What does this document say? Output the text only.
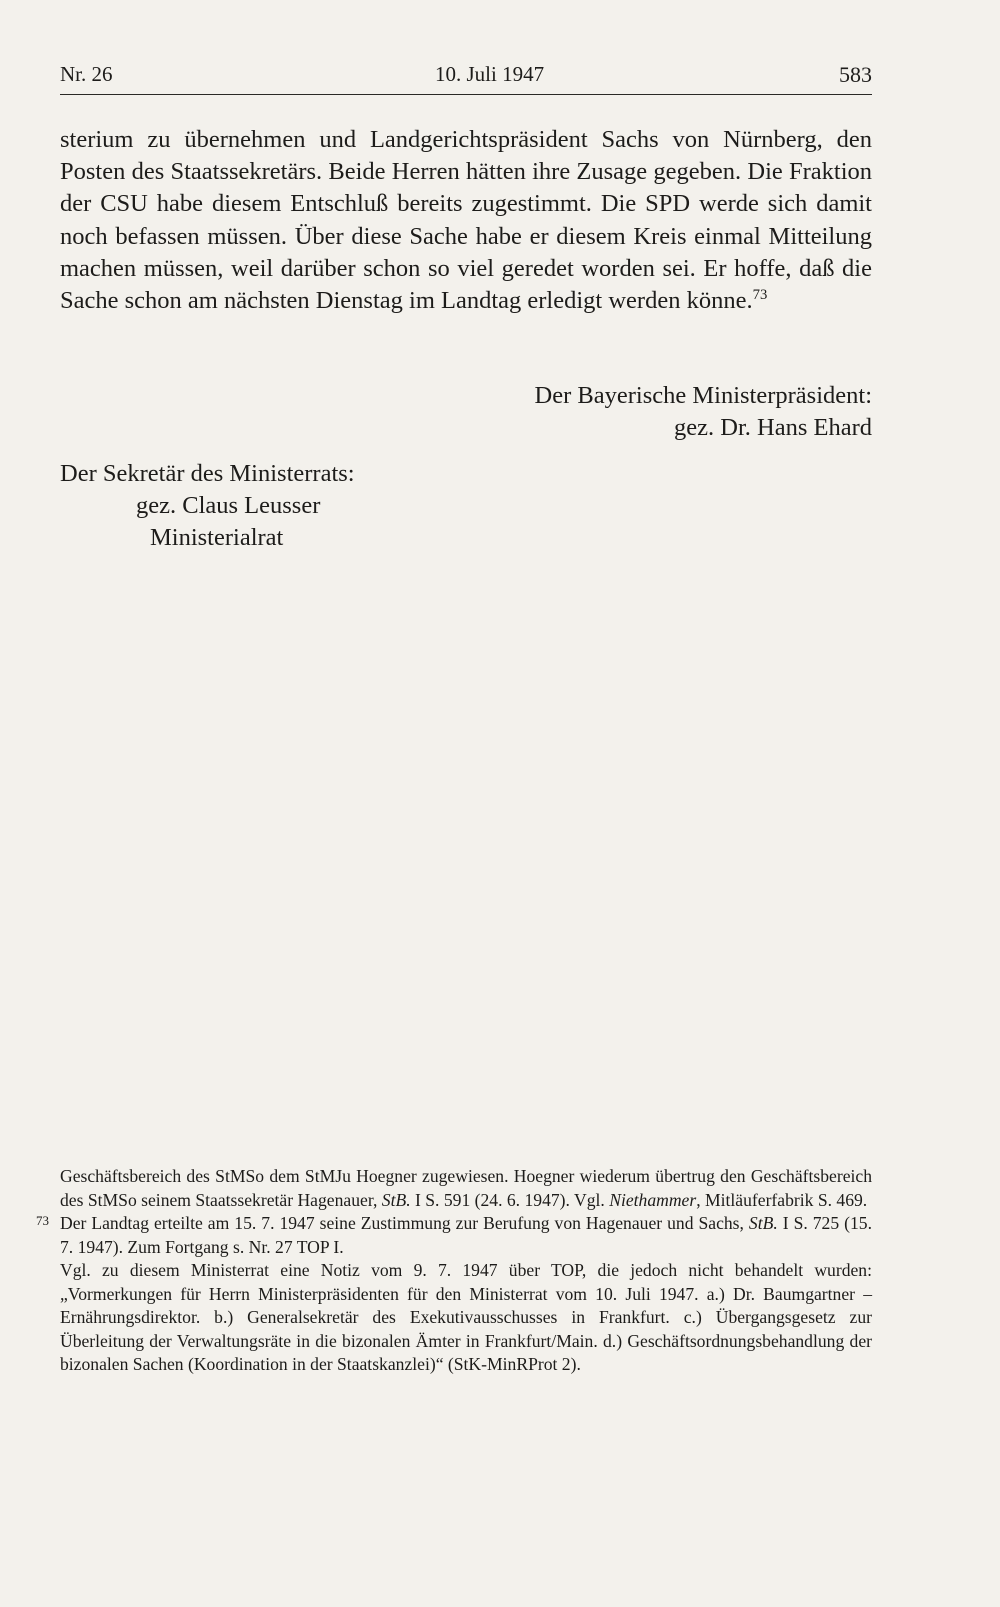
Nr. 26	10. Juli 1947	583

sterium zu übernehmen und Landgerichtspräsident Sachs von Nürnberg, den Posten des Staatssekretärs. Beide Herren hätten ihre Zusage gegeben. Die Fraktion der CSU habe diesem Entschluß bereits zugestimmt. Die SPD werde sich damit noch befassen müssen. Über diese Sache habe er diesem Kreis einmal Mitteilung machen müssen, weil darüber schon so viel geredet worden sei. Er hoffe, daß die Sache schon am nächsten Dienstag im Landtag erledigt werden könne.$^{73}$

Der Bayerische Ministerpräsident:
gez. Dr. Hans Ehard
Der Sekretär des Ministerrats:
gez. Claus Leusser
Ministerialrat

Geschäftsbereich des StMSo dem StMJu Hoegner zugewiesen. Hoegner wiederum übertrug den Geschäftsbereich des StMSo seinem Staatssekretär Hagenauer, StB. I S. 591 (24. 6. 1947). Vgl. Niethammer, Mitläuferfabrik S. 469.

73 Der Landtag erteilte am 15. 7. 1947 seine Zustimmung zur Berufung von Hagenauer und Sachs, StB. I S. 725 (15. 7. 1947). Zum Fortgang s. Nr. 27 TOP I.

Vgl. zu diesem Ministerrat eine Notiz vom 9. 7. 1947 über TOP, die jedoch nicht behandelt wurden: „Vormerkungen für Herrn Ministerpräsidenten für den Ministerrat vom 10. Juli 1947. a.) Dr. Baumgartner – Ernährungsdirektor. b.) Generalsekretär des Exekutivausschusses in Frankfurt. c.) Übergangsgesetz zur Überleitung der Verwaltungsräte in die bizonalen Ämter in Frankfurt/Main. d.) Geschäftsordnungsbehandlung der bizonalen Sachen (Koordination in der Staatskanzlei)“ (StK-MinRProt 2).
